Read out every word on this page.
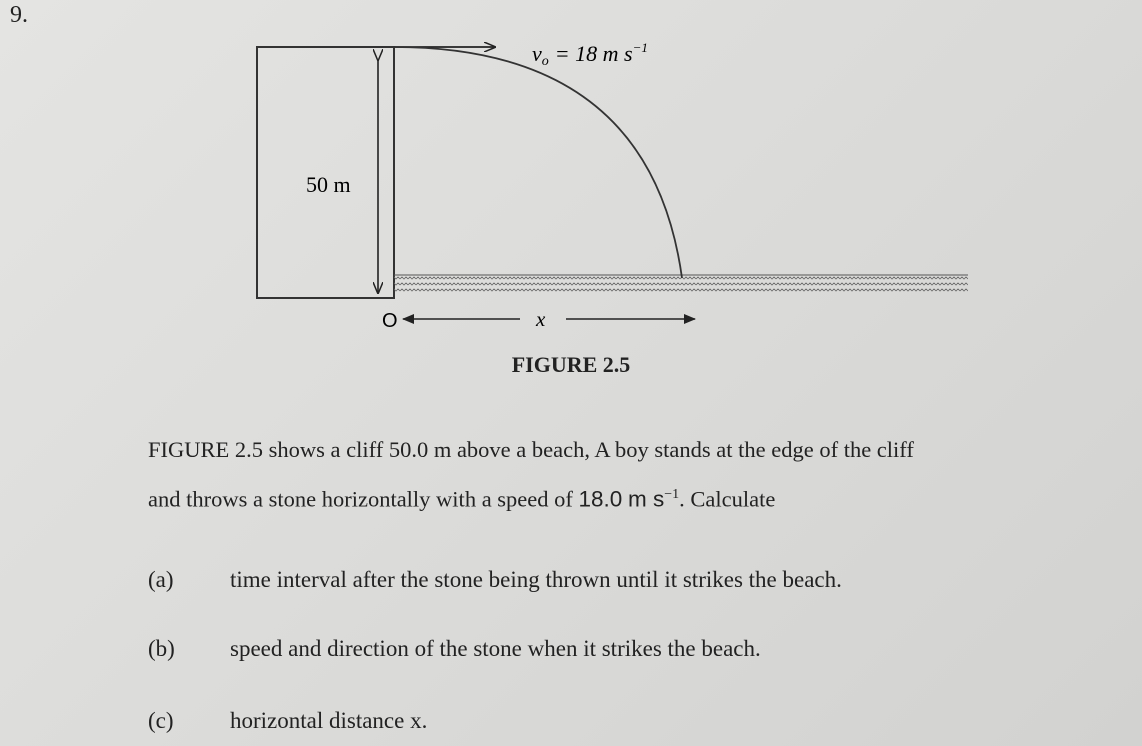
9.
vo = 18 m $s^{-1}$
50 m
O	x
FIGURE 2.5
FIGURE 2.5 shows a cliff 50.0 m above a beach, A boy stands at the edge of the cliff
and throws a stone horizontally with a speed of 18.0 m $s^{-1}$. Calculate
(a) time interval after the stone being thrown until it strikes the beach.
(b) speed and direction of the stone when it strikes the beach.
(c) horizontal distance x.
